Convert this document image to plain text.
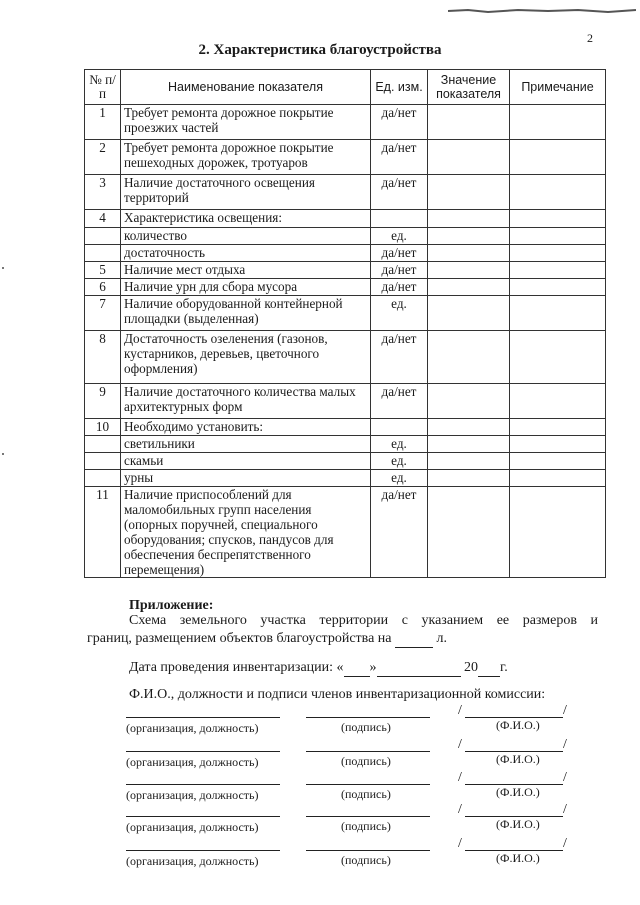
2
2. Характеристика благоустройства
№ п/п	Наименование показателя	Ед. изм.	Значение показателя	Примечание
1	Требует ремонта дорожное покрытие проезжих частей	да/нет		
2	Требует ремонта дорожное покрытие пешеходных дорожек, тротуаров	да/нет		
3	Наличие достаточного освещения территорий	да/нет		
4	Характеристика освещения:			
	количество	ед.		
	достаточность	да/нет		
5	Наличие мест отдыха	да/нет		
6	Наличие урн для сбора мусора	да/нет		
7	Наличие оборудованной контейнерной площадки (выделенная)	ед.		
8	Достаточность озеленения (газонов, кустарников, деревьев, цветочного оформления)	да/нет		
9	Наличие достаточного количества малых архитектурных форм	да/нет		
10	Необходимо установить:			
	светильники	ед.		
	скамьи	ед.		
	урны	ед.		
11	Наличие приспособлений для маломобильных групп населения (опорных поручней, специального оборудования; спусков, пандусов для обеспечения беспрепятственного перемещения)	да/нет		
Приложение:
Схема земельного участка территории с указанием ее размеров и
границ, размещением объектов благоустройства на	л.
Дата проведения инвентаризации: « »	20 г.
Ф.И.О., должности и подписи членов инвентаризационной комиссии:
/	/
(организация, должность)	(подпись)	(Ф.И.О.)
/	/
(организация, должность)	(подпись)	(Ф.И.О.)
/	/
(организация, должность)	(подпись)	(Ф.И.О.)
/	/
(организация, должность)	(подпись)	(Ф.И.О.)
/	/
(организация, должность)	(подпись)	(Ф.И.О.)
